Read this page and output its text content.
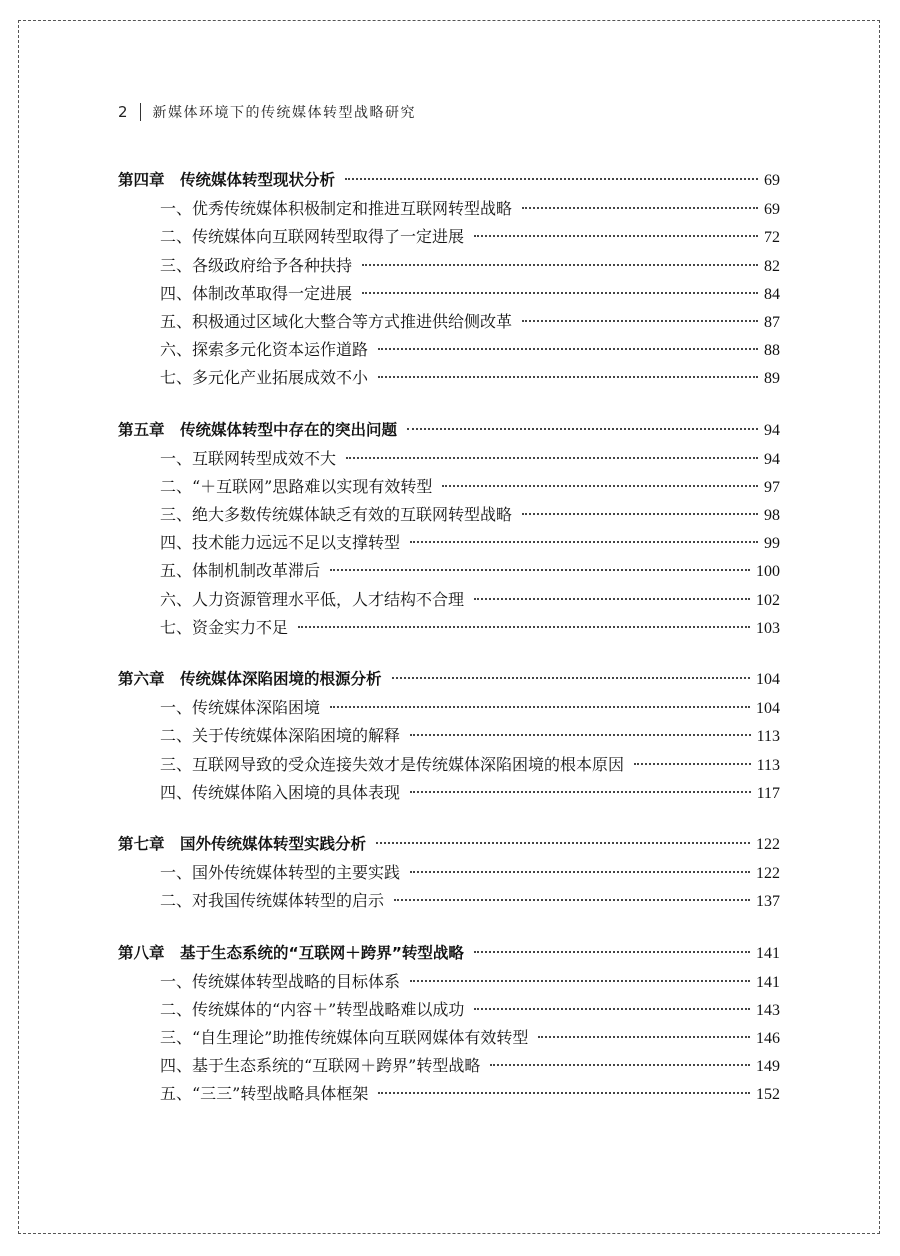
2 新媒体环境下的传统媒体转型战略研究
第四章　传统媒体转型现状分析	69
一、优秀传统媒体积极制定和推进互联网转型战略	69
二、传统媒体向互联网转型取得了一定进展	72
三、各级政府给予各种扶持	82
四、体制改革取得一定进展	84
五、积极通过区域化大整合等方式推进供给侧改革	87
六、探索多元化资本运作道路	88
七、多元化产业拓展成效不小	89
第五章　传统媒体转型中存在的突出问题	94
一、互联网转型成效不大	94
二、“＋互联网”思路难以实现有效转型	97
三、绝大多数传统媒体缺乏有效的互联网转型战略	98
四、技术能力远远不足以支撑转型	99
五、体制机制改革滞后	100
六、人力资源管理水平低，人才结构不合理	102
七、资金实力不足	103
第六章　传统媒体深陷困境的根源分析	104
一、传统媒体深陷困境	104
二、关于传统媒体深陷困境的解释	113
三、互联网导致的受众连接失效才是传统媒体深陷困境的根本原因	113
四、传统媒体陷入困境的具体表现	117
第七章　国外传统媒体转型实践分析	122
一、国外传统媒体转型的主要实践	122
二、对我国传统媒体转型的启示	137
第八章　基于生态系统的“互联网＋跨界”转型战略	141
一、传统媒体转型战略的目标体系	141
二、传统媒体的“内容＋”转型战略难以成功	143
三、“自生理论”助推传统媒体向互联网媒体有效转型	146
四、基于生态系统的“互联网＋跨界”转型战略	149
五、“三三”转型战略具体框架	152
